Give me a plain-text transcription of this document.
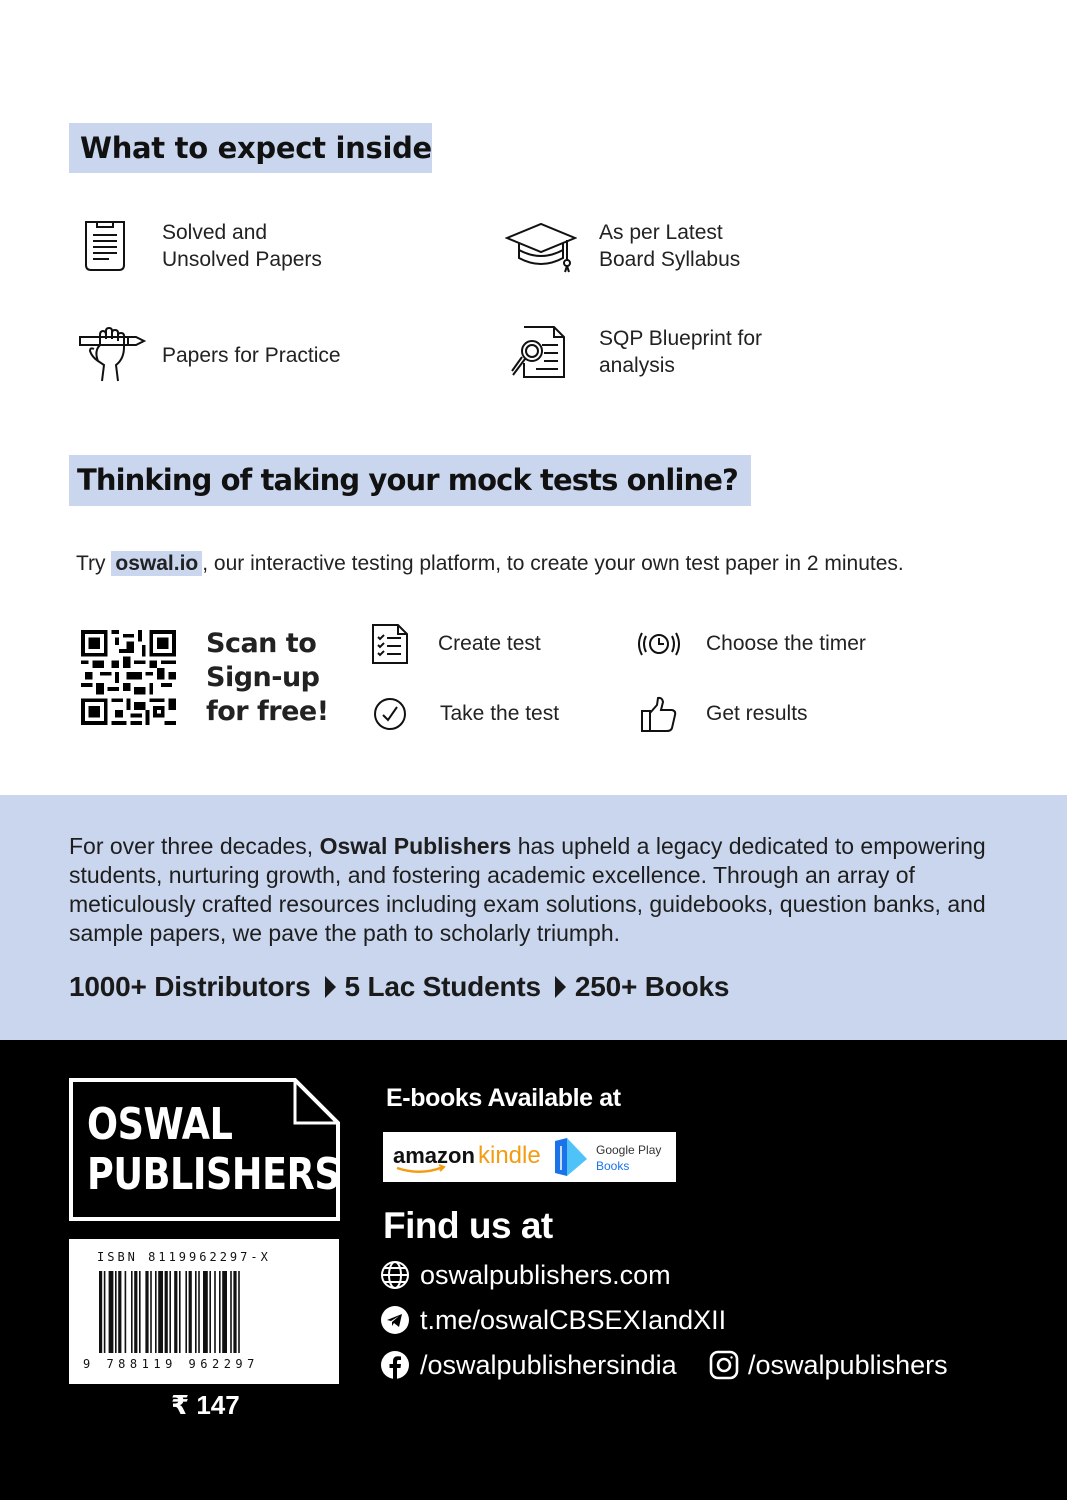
What to expect inside
Solved and
Unsolved Papers
As per Latest
Board Syllabus
Papers for Practice
SQP Blueprint for
analysis
Thinking of taking your mock tests online?
Try oswal.io , our interactive testing platform, to create your own test paper in 2 minutes.
Scan to
Sign-up
for free!
Create test
Take the test
Choose the timer
Get results
For over three decades, Oswal Publishers has upheld a legacy dedicated to empowering students, nurturing growth, and fostering academic excellence. Through an array of meticulously crafted resources including exam solutions, guidebooks, question banks, and sample papers, we pave the path to scholarly triumph.
1000+ Distributors 5 Lac Students 250+ Books
OSWAL
PUBLISHERS
ISBN 8119962297-X
9 788119 962297
₹ 147
E-books Available at
amazon kindle	Google Play
Books
Find us at
oswalpublishers.com
t.me/oswalCBSEXIandXII
/oswalpublishersindia	/oswalpublishers
